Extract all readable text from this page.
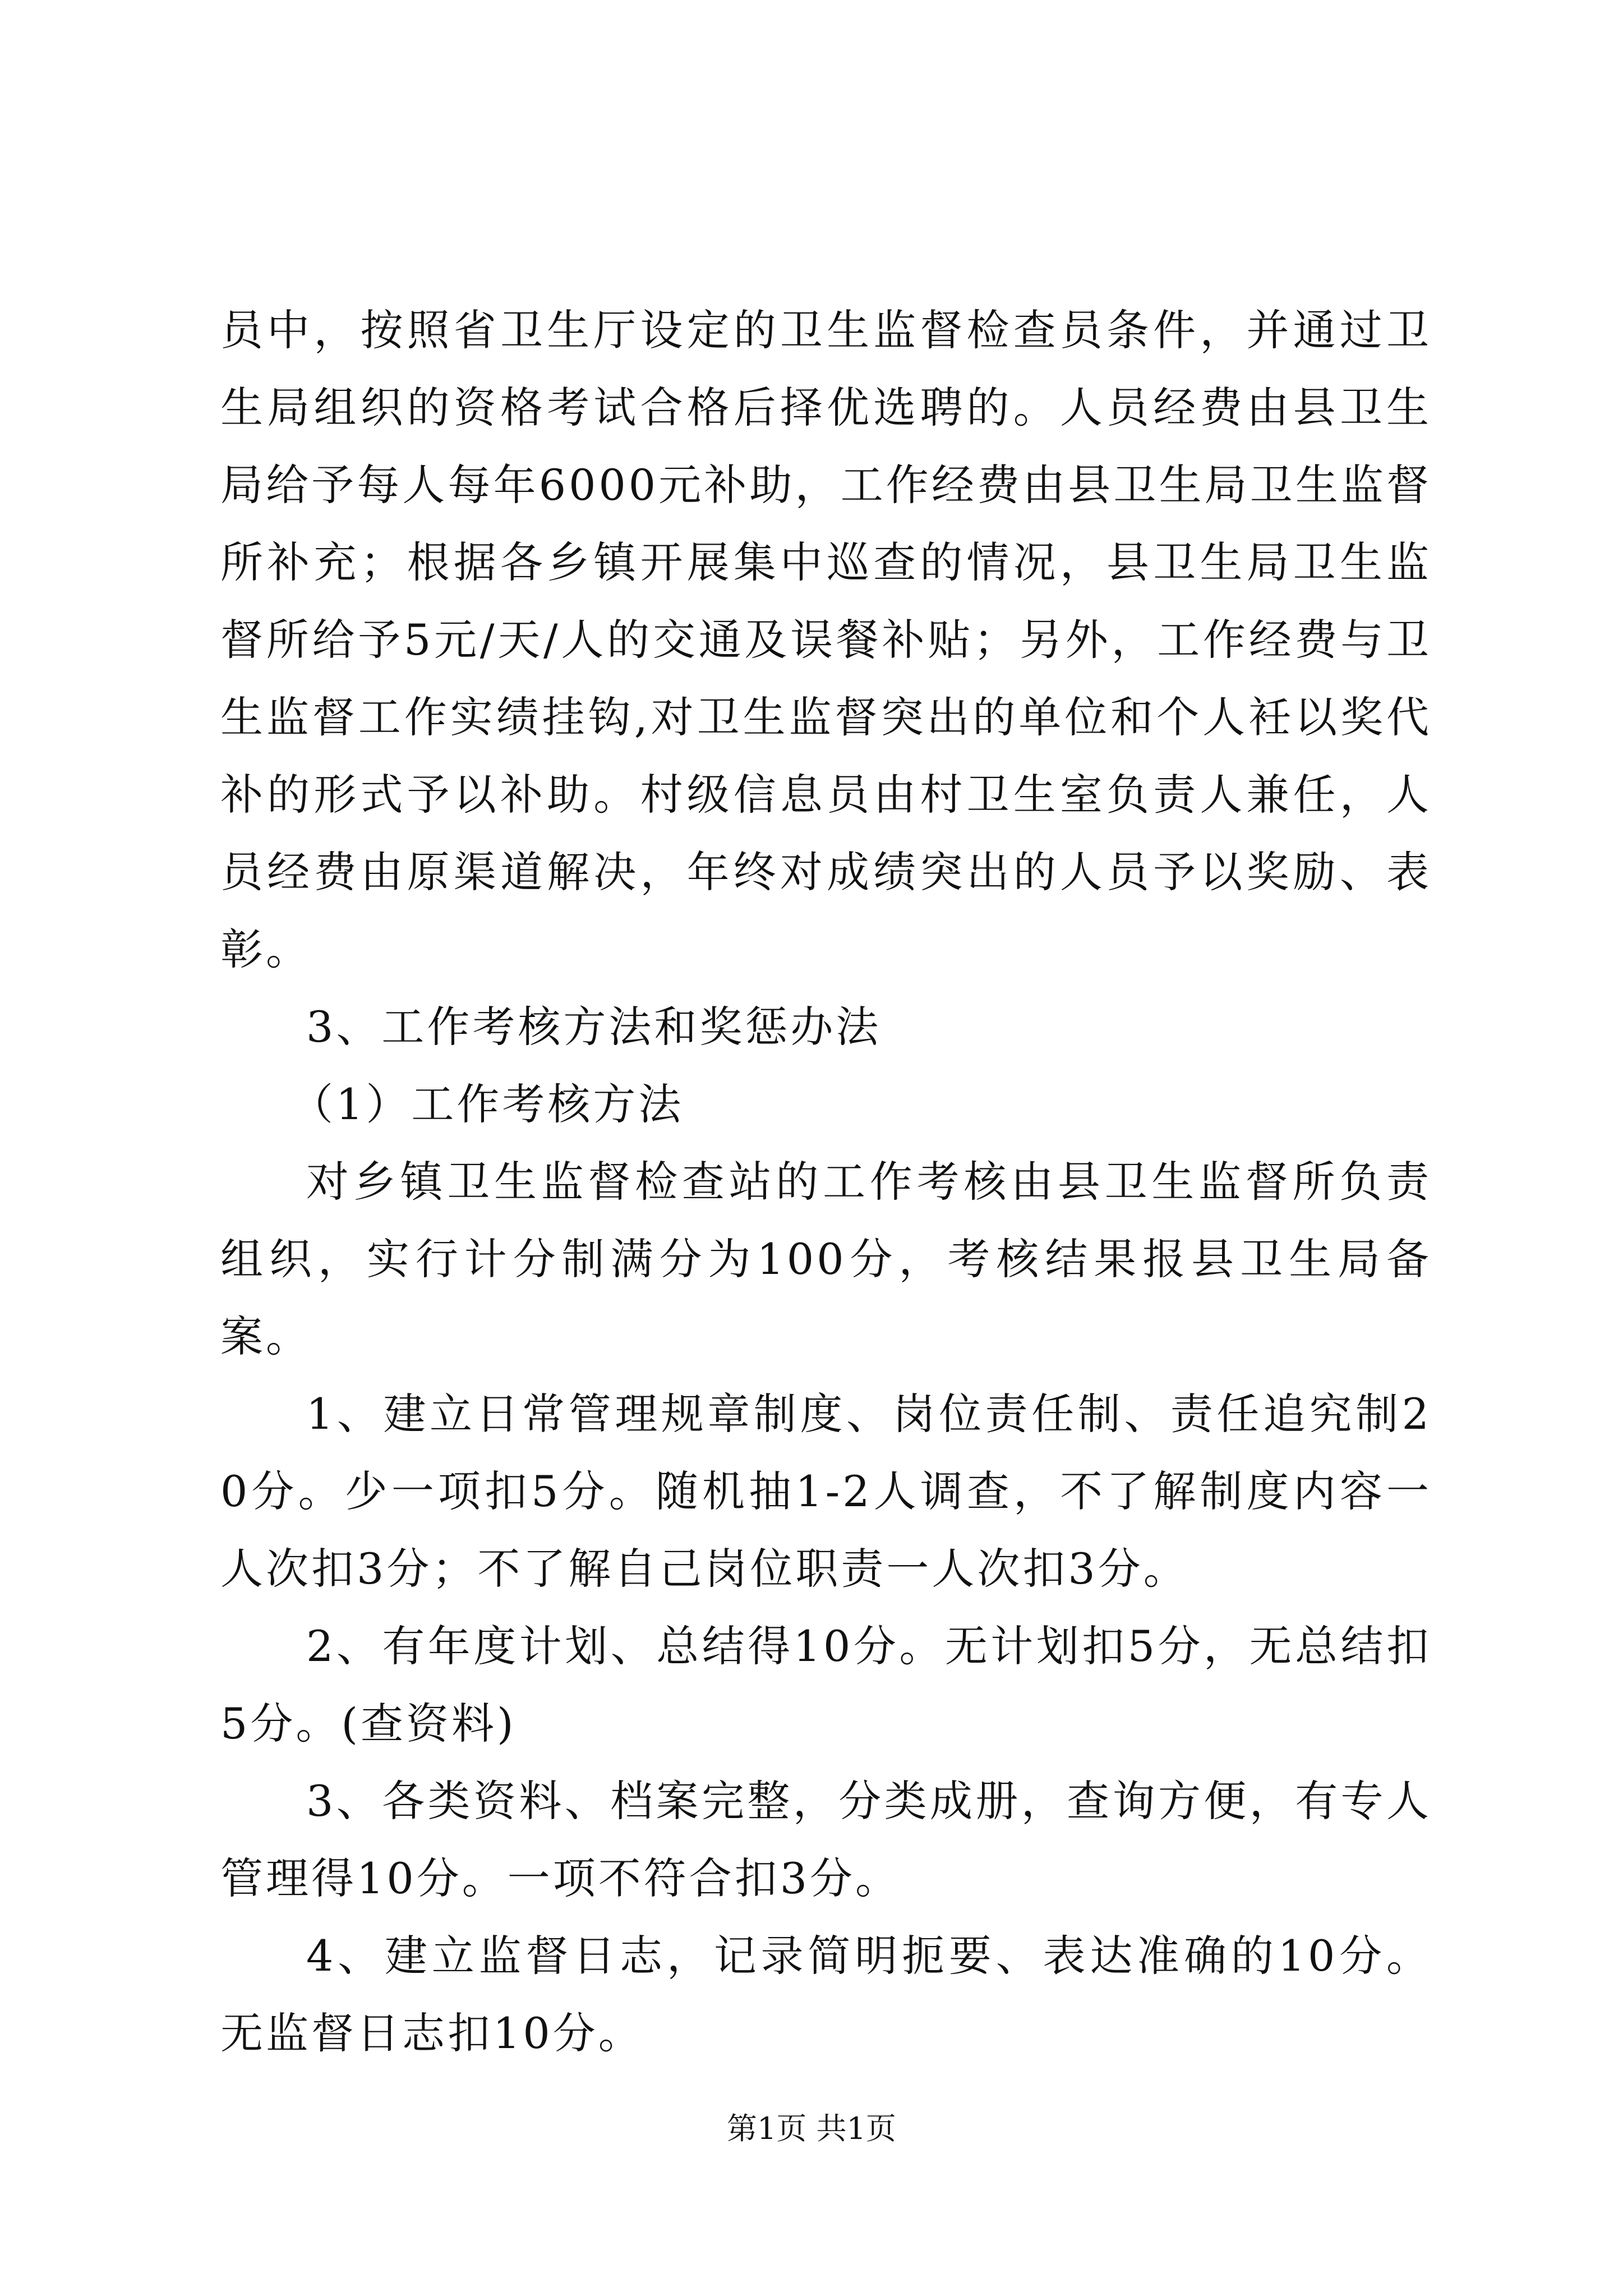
员中，按照省卫生厅设定的卫生监督检查员条件，并通过卫生局组织的资格考试合格后择优选聘的。人员经费由县卫生局给予每人每年6000元补助，工作经费由县卫生局卫生监督所补充；根据各乡镇开展集中巡查的情况，县卫生局卫生监督所给予5元/天/人的交通及误餐补贴；另外，工作经费与卫生监督工作实绩挂钩,对卫生监督突出的单位和个人衽以奖代补的形式予以补助。村级信息员由村卫生室负责人兼任，人员经费由原渠道解决，年终对成绩突出的人员予以奖励、表彰。

3、工作考核方法和奖惩办法

（1）工作考核方法

对乡镇卫生监督检查站的工作考核由县卫生监督所负责组织，实行计分制满分为100分，考核结果报县卫生局备案。

1、建立日常管理规章制度、岗位责任制、责任追究制20分。少一项扣5分。随机抽1-2人调查，不了解制度内容一人次扣3分；不了解自己岗位职责一人次扣3分。

2、有年度计划、总结得10分。无计划扣5分，无总结扣5分。(查资料)

3、各类资料、档案完整，分类成册，查询方便，有专人管理得10分。一项不符合扣3分。

4、建立监督日志，记录简明扼要、表达准确的10分。无监督日志扣10分。

第1页 共1页
